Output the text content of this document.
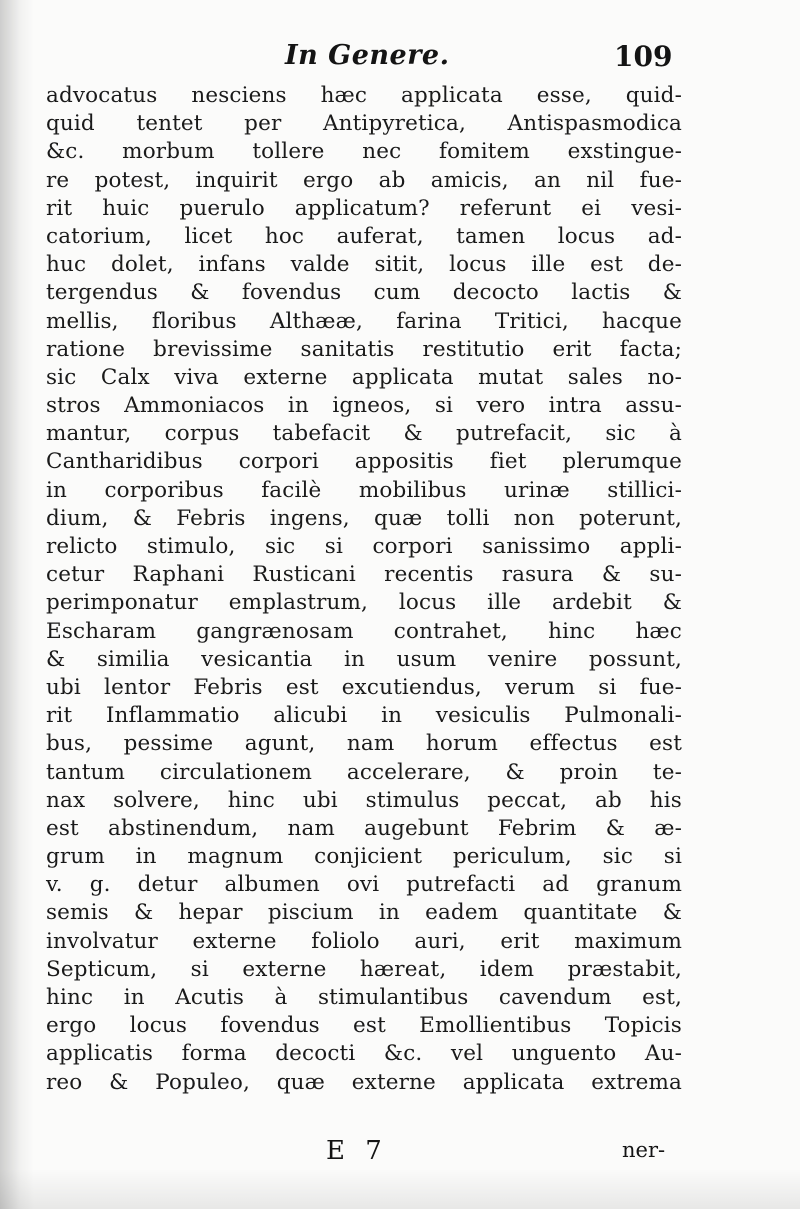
In Genere.	109
advocatus nesciens hæc applicata esse, quid-
quid tentet per Antipyretica, Antispasmodica
&c. morbum tollere nec fomitem exstingue-
re potest, inquirit ergo ab amicis, an nil fue-
rit huic puerulo applicatum? referunt ei vesi-
catorium, licet hoc auferat, tamen locus ad-
huc dolet, infans valde sitit, locus ille est de-
tergendus & fovendus cum decocto lactis &
mellis, floribus Althææ, farina Tritici, hacque
ratione brevissime sanitatis restitutio erit facta;
sic Calx viva externe applicata mutat sales no-
stros Ammoniacos in igneos, si vero intra assu-
mantur, corpus tabefacit & putrefacit, sic à
Cantharidibus corpori appositis fiet plerumque
in corporibus facilè mobilibus urinæ stillici-
dium, & Febris ingens, quæ tolli non poterunt,
relicto stimulo, sic si corpori sanissimo appli-
cetur Raphani Rusticani recentis rasura & su-
perimponatur emplastrum, locus ille ardebit &
Escharam gangrænosam contrahet, hinc hæc
& similia vesicantia in usum venire possunt,
ubi lentor Febris est excutiendus, verum si fue-
rit Inflammatio alicubi in vesiculis Pulmonali-
bus, pessime agunt, nam horum effectus est
tantum circulationem accelerare, & proin te-
nax solvere, hinc ubi stimulus peccat, ab his
est abstinendum, nam augebunt Febrim & æ-
grum in magnum conjicient periculum, sic si
v. g. detur albumen ovi putrefacti ad granum
semis & hepar piscium in eadem quantitate &
involvatur externe foliolo auri, erit maximum
Septicum, si externe hæreat, idem præstabit,
hinc in Acutis à stimulantibus cavendum est,
ergo locus fovendus est Emollientibus Topicis
applicatis forma decocti &c. vel unguento Au-
reo & Populeo, quæ externe applicata extrema
E 7	ner-
